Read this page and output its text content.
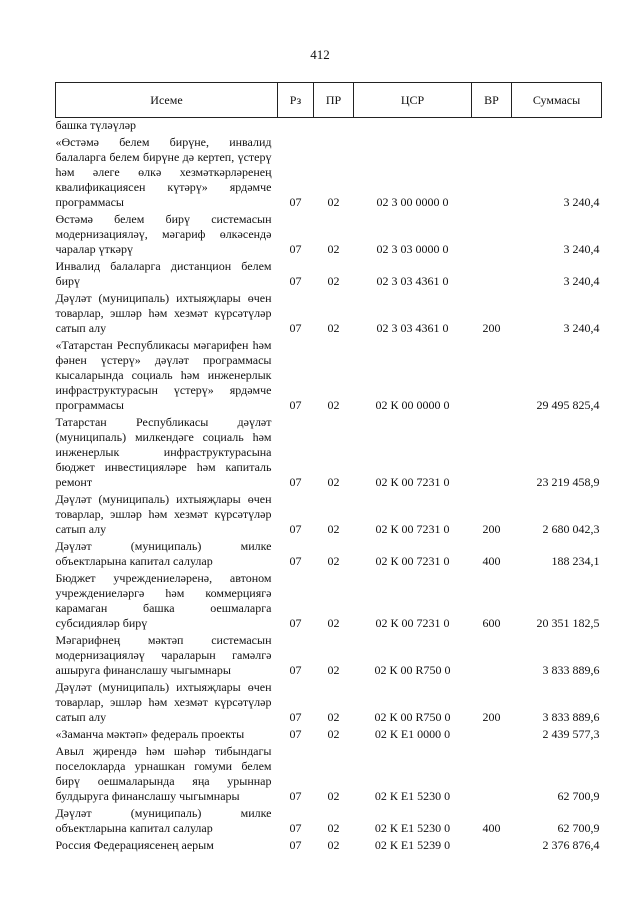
412
Исеме	Рз	ПР	ЦСР	ВР	Суммасы
башка түләүләр					
«Өстәмә белем бирүне, инвалид балаларга белем бирүне дә кертеп, үстерү һәм әлеге өлкә хезмәткәрләренең квалификациясен күтәрү» ярдәмче программасы	07	02	02 3 00 0000 0		3 240,4
Өстәмә белем бирү системасын модернизацияләү, мәгариф өлкәсендә чаралар үткәрү	07	02	02 3 03 0000 0		3 240,4
Инвалид балаларга дистанцион белем бирү	07	02	02 3 03 4361 0		3 240,4
Дәүләт (муниципаль) ихтыяҗлары өчен товарлар, эшләр һәм хезмәт күрсәтүләр сатып алу	07	02	02 3 03 4361 0	200	3 240,4
«Татарстан Республикасы мәгарифен һәм фәнен үстерү» дәүләт программасы кысаларында социаль һәм инженерлык инфраструктурасын үстерү» ярдәмче программасы	07	02	02 К 00 0000 0		29 495 825,4
Татарстан Республикасы дәүләт (муниципаль) милкендәге социаль һәм инженерлык инфраструктурасына бюджет инвестицияләре һәм капиталь ремонт	07	02	02 К 00 7231 0		23 219 458,9
Дәүләт (муниципаль) ихтыяҗлары өчен товарлар, эшләр һәм хезмәт күрсәтүләр сатып алу	07	02	02 К 00 7231 0	200	2 680 042,3
Дәүләт (муниципаль) милке объектларына капитал салулар	07	02	02 К 00 7231 0	400	188 234,1
Бюджет учреждениеләренә, автоном учреждениеләргә һәм коммерциягә карамаган башка оешмаларга субсидияләр бирү	07	02	02 К 00 7231 0	600	20 351 182,5
Мәгарифнең мәктәп системасын модернизацияләү чараларын гамәлгә ашыруга финанслашу чыгымнары	07	02	02 К 00 R750 0		3 833 889,6
Дәүләт (муниципаль) ихтыяҗлары өчен товарлар, эшләр һәм хезмәт күрсәтүләр сатып алу	07	02	02 К 00 R750 0	200	3 833 889,6
«Заманча мәктәп» федераль проекты	07	02	02 К Е1 0000 0		2 439 577,3
Авыл җирендә һәм шәһәр тибындагы поселокларда урнашкан гомуми белем бирү оешмаларында яңа урыннар булдыруга финанслашу чыгымнары	07	02	02 К Е1 5230 0		62 700,9
Дәүләт (муниципаль) милке объектларына капитал салулар	07	02	02 К Е1 5230 0	400	62 700,9
Россия Федерациясенең аерым	07	02	02 К Е1 5239 0		2 376 876,4
